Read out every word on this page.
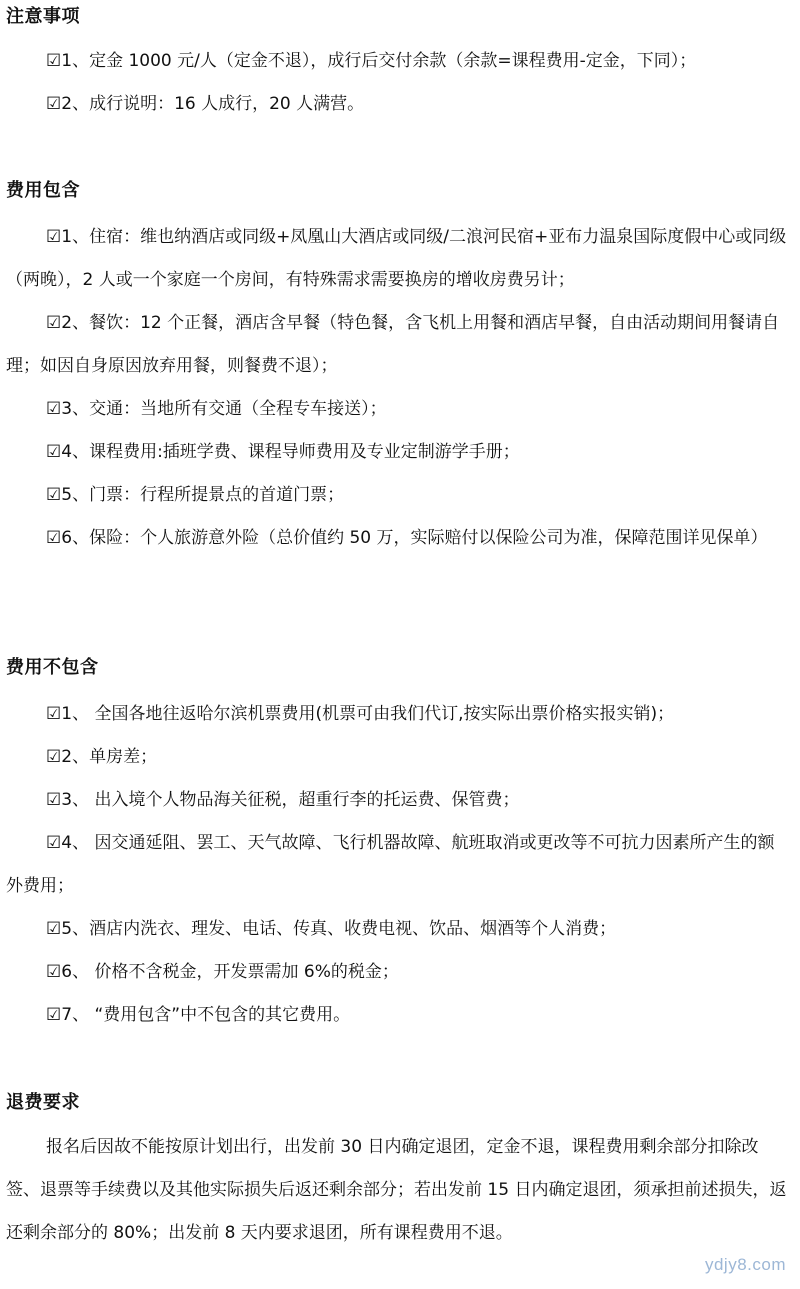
注意事项
☑1、定金 1000 元/人（定金不退），成行后交付余款（余款=课程费用-定金，下同）；
☑2、成行说明：16 人成行，20 人满营。
费用包含
☑1、住宿：维也纳酒店或同级+凤凰山大酒店或同级/二浪河民宿+亚布力温泉国际度假中心或同级（两晚），2 人或一个家庭一个房间，有特殊需求需要换房的增收房费另计；
☑2、餐饮：12 个正餐，酒店含早餐（特色餐，含飞机上用餐和酒店早餐，自由活动期间用餐请自理；如因自身原因放弃用餐，则餐费不退）；
☑3、交通：当地所有交通（全程专车接送）；
☑4、课程费用:插班学费、课程导师费用及专业定制游学手册；
☑5、门票：行程所提景点的首道门票；
☑6、保险：个人旅游意外险（总价值约 50 万，实际赔付以保险公司为准，保障范围详见保单）
费用不包含
☑1、 全国各地往返哈尔滨机票费用(机票可由我们代订,按实际出票价格实报实销)；
☑2、单房差；
☑3、 出入境个人物品海关征税，超重行李的托运费、保管费；
☑4、 因交通延阻、罢工、天气故障、飞行机器故障、航班取消或更改等不可抗力因素所产生的额外费用；
☑5、酒店内洗衣、理发、电话、传真、收费电视、饮品、烟酒等个人消费；
☑6、 价格不含税金，开发票需加 6%的税金；
☑7、 “费用包含”中不包含的其它费用。
退费要求
报名后因故不能按原计划出行，出发前 30 日内确定退团，定金不退，课程费用剩余部分扣除改签、退票等手续费以及其他实际损失后返还剩余部分；若出发前 15 日内确定退团，须承担前述损失，返还剩余部分的 80%；出发前 8 天内要求退团，所有课程费用不退。
ydjy8.com
